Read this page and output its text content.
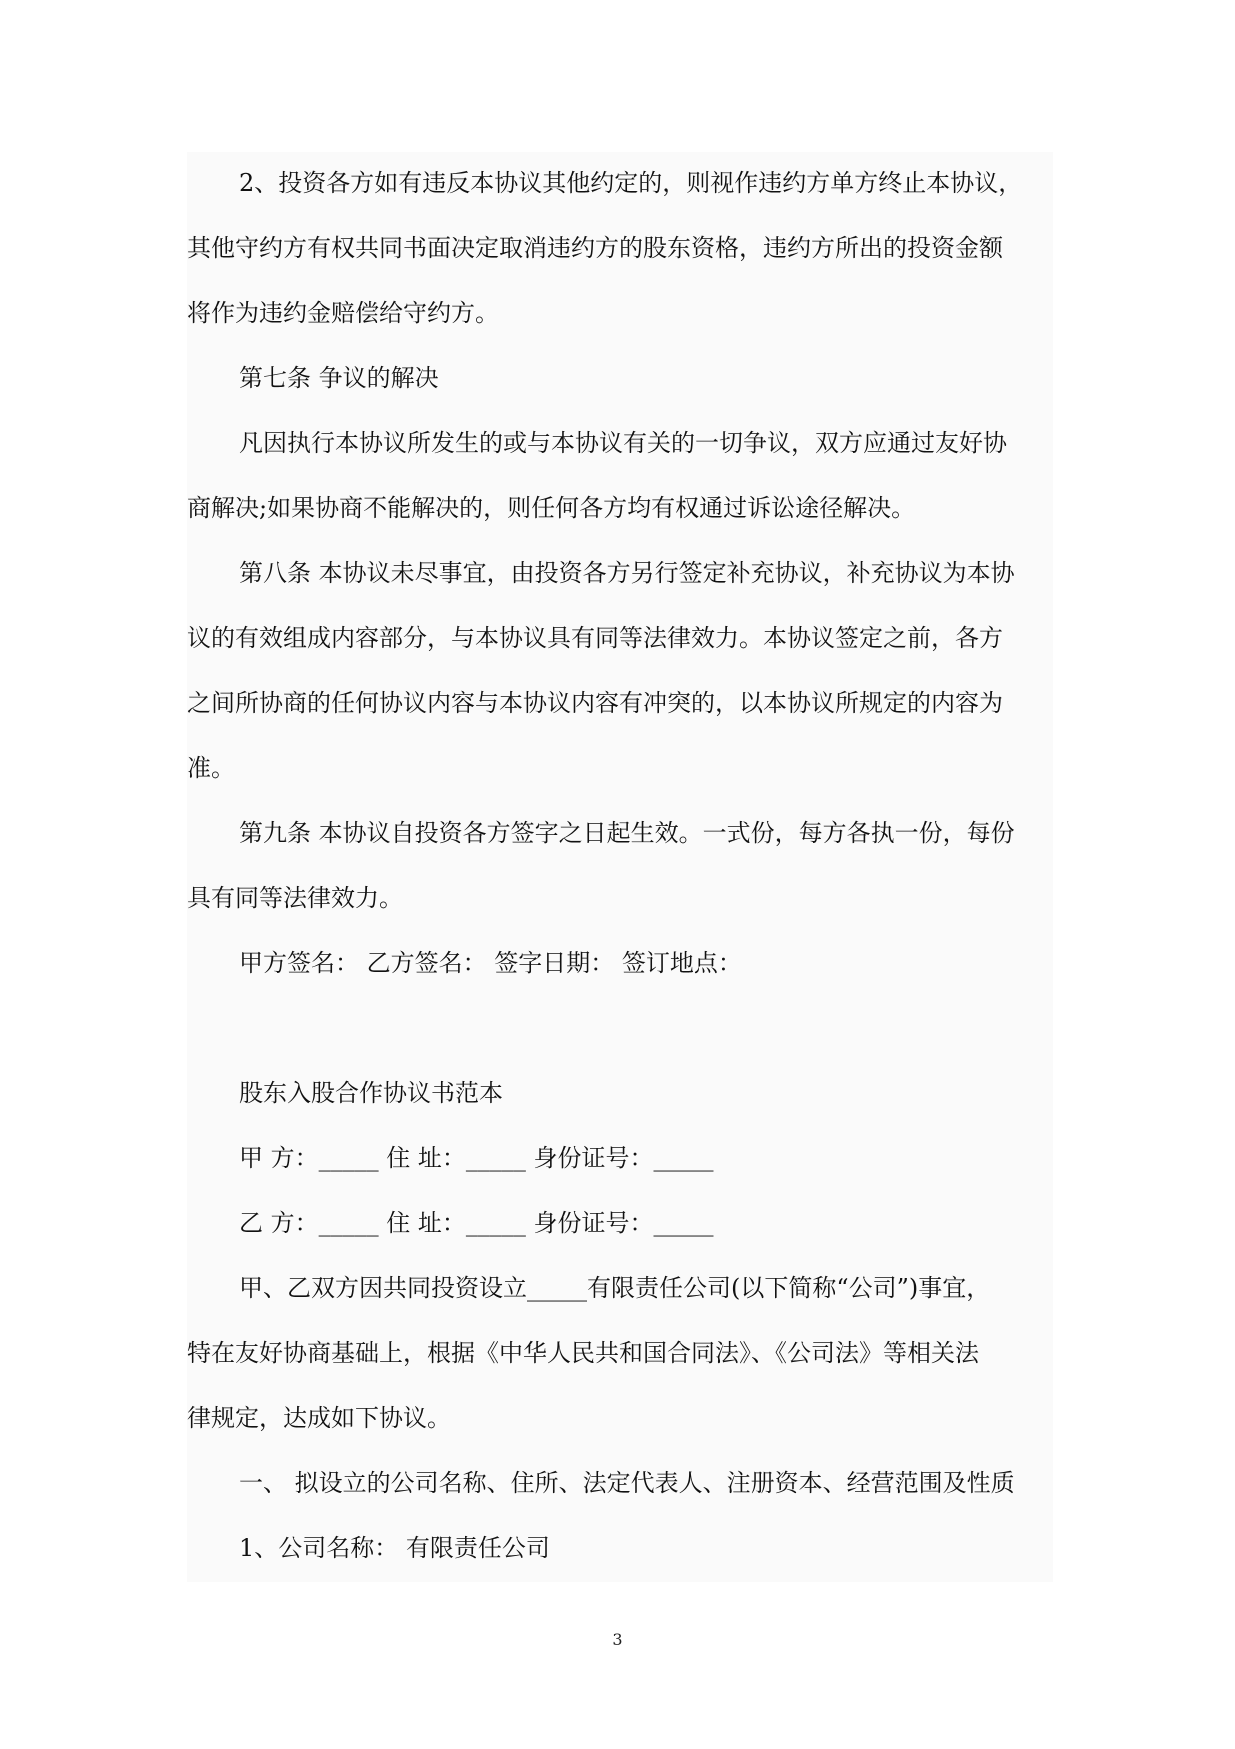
2、投资各方如有违反本协议其他约定的，则视作违约方单方终止本协议，
其他守约方有权共同书面决定取消违约方的股东资格，违约方所出的投资金额
将作为违约金赔偿给守约方。
第七条 争议的解决
凡因执行本协议所发生的或与本协议有关的一切争议，双方应通过友好协
商解决;如果协商不能解决的，则任何各方均有权通过诉讼途径解决。
第八条 本协议未尽事宜，由投资各方另行签定补充协议，补充协议为本协
议的有效组成内容部分，与本协议具有同等法律效力。本协议签定之前，各方
之间所协商的任何协议内容与本协议内容有冲突的，以本协议所规定的内容为
准。
第九条 本协议自投资各方签字之日起生效。一式份，每方各执一份，每份
具有同等法律效力。
甲方签名： 乙方签名： 签字日期： 签订地点：
股东入股合作协议书范本
甲 方：_____ 住 址：_____ 身份证号：_____
乙 方：_____ 住 址：_____ 身份证号：_____
甲、乙双方因共同投资设立_____有限责任公司(以下简称“公司”)事宜，
特在友好协商基础上，根据《中华人民共和国合同法》、《公司法》等相关法
律规定，达成如下协议。
一、 拟设立的公司名称、住所、法定代表人、注册资本、经营范围及性质
1、公司名称： 有限责任公司
3
